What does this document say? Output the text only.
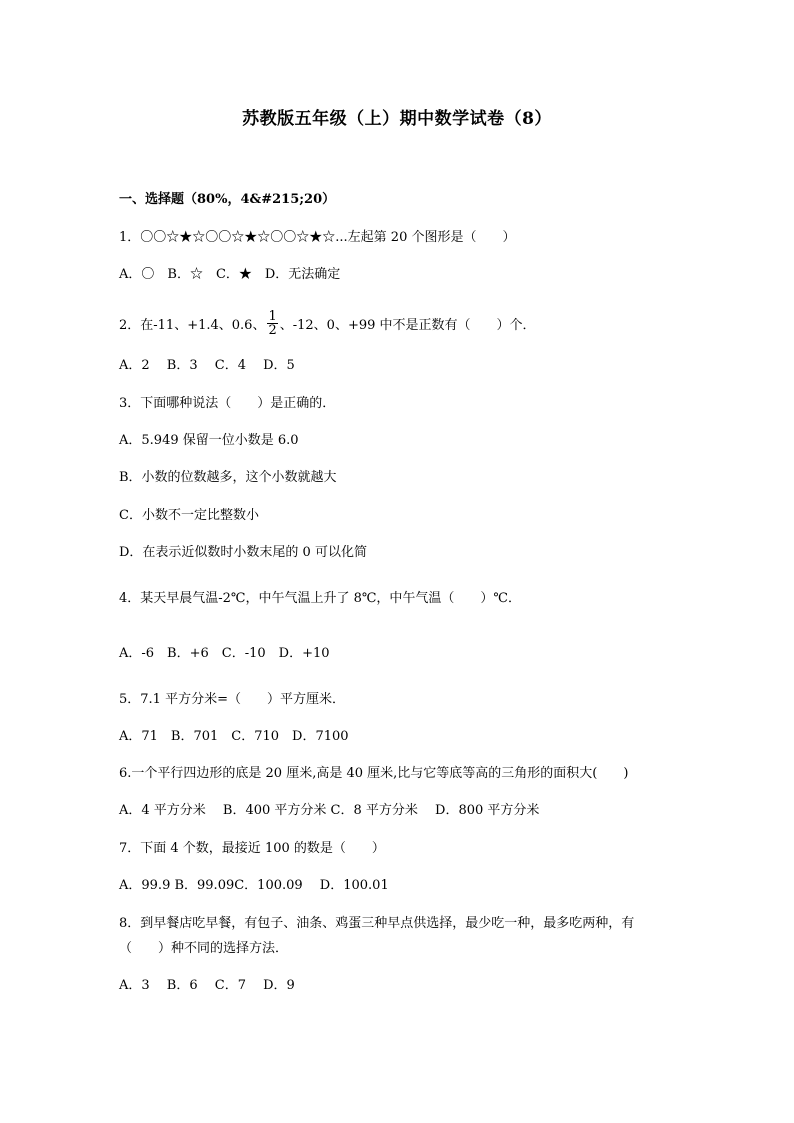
苏教版五年级（上）期中数学试卷（8）
一、选择题（80%，4&#215;20）
1．〇〇☆★☆〇〇☆★☆〇〇☆★☆...左起第 20 个图形是（　　）
A．〇　B．☆　C．★　D．无法确定
2．在-11、+1.4、0.6、 $\frac{1}{2}$ 、-12、0、+99 中不是正数有（　　）个．
A．2　 B．3　 C．4　 D．5
3．下面哪种说法（　　）是正确的．
A．5.949 保留一位小数是 6.0
B．小数的位数越多，这个小数就越大
C．小数不一定比整数小
D．在表示近似数时小数末尾的 0 可以化简
4．某天早晨气温-2℃，中午气温上升了 8℃，中午气温（　　）℃．
A．-6　B．+6　C．-10　D．+10
5．7.1 平方分米=（　　）平方厘米．
A．71　B．701　C．710　D．7100
6.一个平行四边形的底是 20 厘米,高是 40 厘米,比与它等底等高的三角形的面积大(　　)
A．4 平方分米　 B．400 平方分米 C．8 平方分米　 D．800 平方分米
7．下面 4 个数，最接近 100 的数是（　　）
A．99.9 B．99.09C．100.09　 D．100.01
8．到早餐店吃早餐，有包子、油条、鸡蛋三种早点供选择，最少吃一种，最多吃两种，有
（　　）种不同的选择方法．
A．3　 B．6　 C．7　 D．9
